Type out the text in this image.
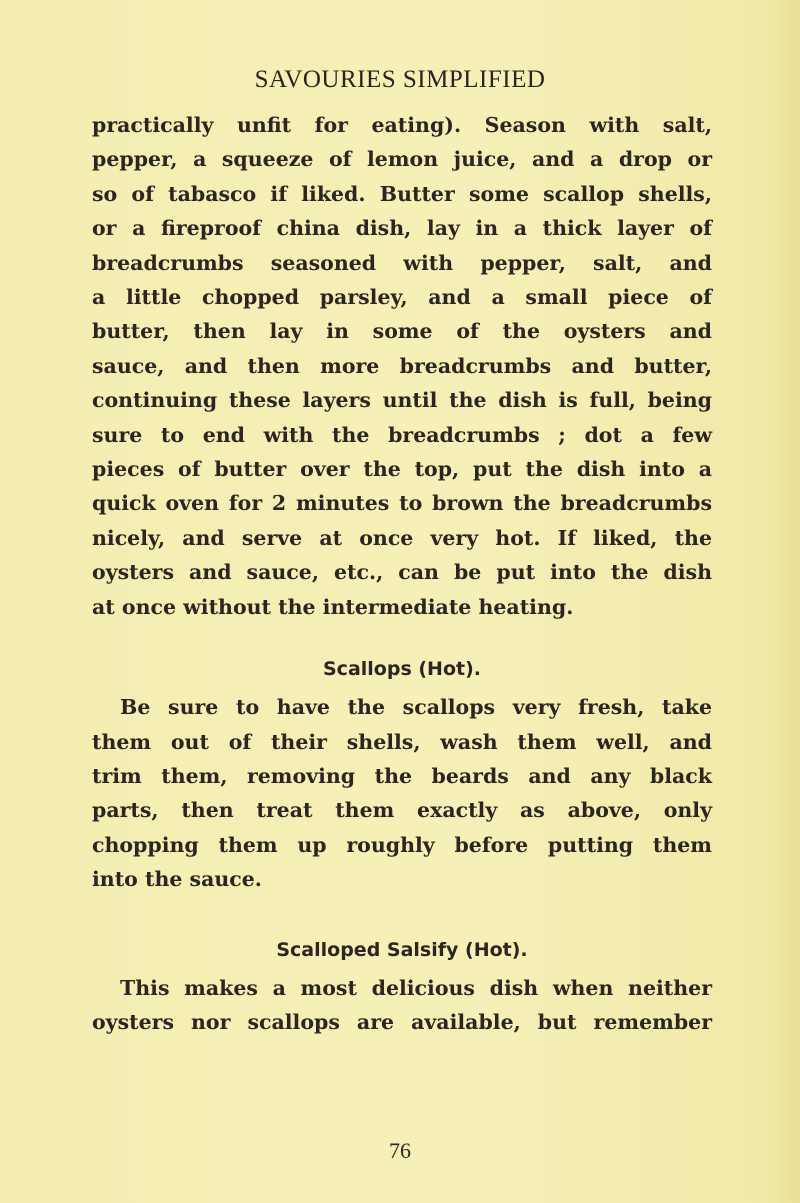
SAVOURIES SIMPLIFIED

practically unfit for eating). Season with salt,
pepper, a squeeze of lemon juice, and a drop or
so of tabasco if liked. Butter some scallop shells,
or a fireproof china dish, lay in a thick layer of
breadcrumbs seasoned with pepper, salt, and
a little chopped parsley, and a small piece of
butter, then lay in some of the oysters and
sauce, and then more breadcrumbs and butter,
continuing these layers until the dish is full, being
sure to end with the breadcrumbs ; dot a few
pieces of butter over the top, put the dish into a
quick oven for 2 minutes to brown the breadcrumbs
nicely, and serve at once very hot. If liked, the
oysters and sauce, etc., can be put into the dish
at once without the intermediate heating.

Scallops (Hot).

Be sure to have the scallops very fresh, take
them out of their shells, wash them well, and
trim them, removing the beards and any black
parts, then treat them exactly as above, only
chopping them up roughly before putting them
into the sauce.

Scalloped Salsify (Hot).

This makes a most delicious dish when neither
oysters nor scallops are available, but remember

76
